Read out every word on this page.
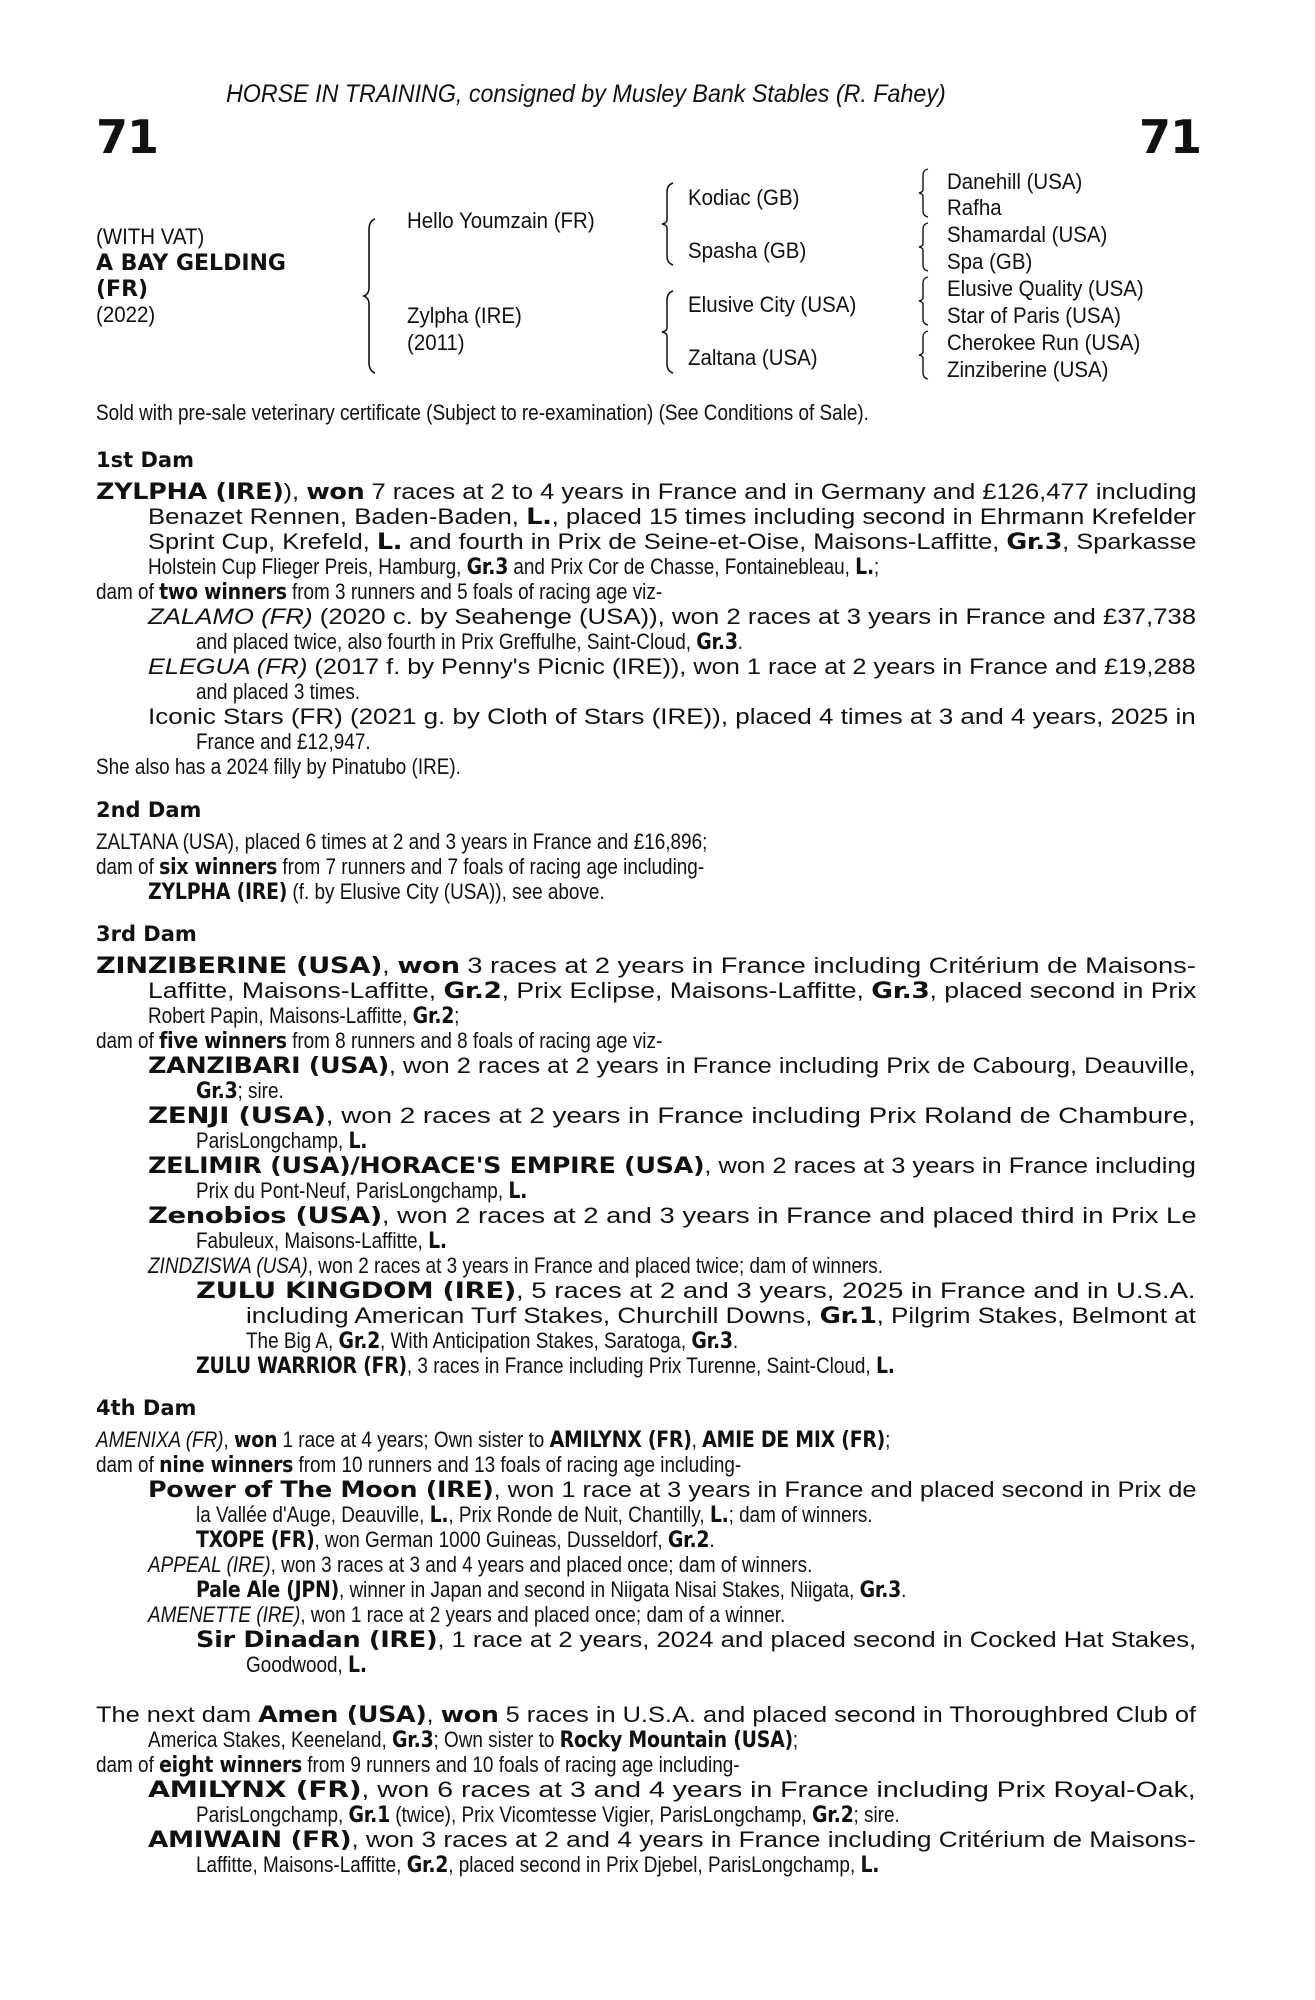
HORSE IN TRAINING, consigned by Musley Bank Stables (R. Fahey)
71	71
(WITH VAT)
A BAY GELDING
(FR)
(2022)
Hello Youmzain (FR)
Zylpha (IRE)
(2011)
Kodiac (GB)
Spasha (GB)
Elusive City (USA)
Zaltana (USA)
Danehill (USA)
Rafha
Shamardal (USA)
Spa (GB)
Elusive Quality (USA)
Star of Paris (USA)
Cherokee Run (USA)
Zinziberine (USA)
Sold with pre-sale veterinary certificate (Subject to re-examination) (See Conditions of Sale).
1st Dam
2nd Dam
3rd Dam
4th Dam
ZYLPHA (IRE)), won 7 races at 2 to 4 years in France and in Germany and £126,477 including
Benazet Rennen, Baden-Baden, L., placed 15 times including second in Ehrmann Krefelder
Sprint Cup, Krefeld, L. and fourth in Prix de Seine-et-Oise, Maisons-Laffitte, Gr.3, Sparkasse
Holstein Cup Flieger Preis, Hamburg, Gr.3 and Prix Cor de Chasse, Fontainebleau, L.;
dam of two winners from 3 runners and 5 foals of racing age viz-
ZALAMO (FR) (2020 c. by Seahenge (USA)), won 2 races at 3 years in France and £37,738
and placed twice, also fourth in Prix Greffulhe, Saint-Cloud, Gr.3.
ELEGUA (FR) (2017 f. by Penny's Picnic (IRE)), won 1 race at 2 years in France and £19,288
and placed 3 times.
Iconic Stars (FR) (2021 g. by Cloth of Stars (IRE)), placed 4 times at 3 and 4 years, 2025 in
France and £12,947.
She also has a 2024 filly by Pinatubo (IRE).
ZALTANA (USA), placed 6 times at 2 and 3 years in France and £16,896;
dam of six winners from 7 runners and 7 foals of racing age including-
ZYLPHA (IRE) (f. by Elusive City (USA)), see above.
ZINZIBERINE (USA), won 3 races at 2 years in France including Critérium de Maisons-
Laffitte, Maisons-Laffitte, Gr.2, Prix Eclipse, Maisons-Laffitte, Gr.3, placed second in Prix
Robert Papin, Maisons-Laffitte, Gr.2;
dam of five winners from 8 runners and 8 foals of racing age viz-
ZANZIBARI (USA), won 2 races at 2 years in France including Prix de Cabourg, Deauville,
Gr.3; sire.
ZENJI (USA), won 2 races at 2 years in France including Prix Roland de Chambure,
ParisLongchamp, L.
ZELIMIR (USA)/HORACE'S EMPIRE (USA), won 2 races at 3 years in France including
Prix du Pont-Neuf, ParisLongchamp, L.
Zenobios (USA), won 2 races at 2 and 3 years in France and placed third in Prix Le
Fabuleux, Maisons-Laffitte, L.
ZINDZISWA (USA), won 2 races at 3 years in France and placed twice; dam of winners.
ZULU KINGDOM (IRE), 5 races at 2 and 3 years, 2025 in France and in U.S.A.
including American Turf Stakes, Churchill Downs, Gr.1, Pilgrim Stakes, Belmont at
The Big A, Gr.2, With Anticipation Stakes, Saratoga, Gr.3.
ZULU WARRIOR (FR), 3 races in France including Prix Turenne, Saint-Cloud, L.
AMENIXA (FR), won 1 race at 4 years; Own sister to AMILYNX (FR), AMIE DE MIX (FR);
dam of nine winners from 10 runners and 13 foals of racing age including-
Power of The Moon (IRE), won 1 race at 3 years in France and placed second in Prix de
la Vallée d'Auge, Deauville, L., Prix Ronde de Nuit, Chantilly, L.; dam of winners.
TXOPE (FR), won German 1000 Guineas, Dusseldorf, Gr.2.
APPEAL (IRE), won 3 races at 3 and 4 years and placed once; dam of winners.
Pale Ale (JPN), winner in Japan and second in Niigata Nisai Stakes, Niigata, Gr.3.
AMENETTE (IRE), won 1 race at 2 years and placed once; dam of a winner.
Sir Dinadan (IRE), 1 race at 2 years, 2024 and placed second in Cocked Hat Stakes,
Goodwood, L.
The next dam Amen (USA), won 5 races in U.S.A. and placed second in Thoroughbred Club of
America Stakes, Keeneland, Gr.3; Own sister to Rocky Mountain (USA);
dam of eight winners from 9 runners and 10 foals of racing age including-
AMILYNX (FR), won 6 races at 3 and 4 years in France including Prix Royal-Oak,
ParisLongchamp, Gr.1 (twice), Prix Vicomtesse Vigier, ParisLongchamp, Gr.2; sire.
AMIWAIN (FR), won 3 races at 2 and 4 years in France including Critérium de Maisons-
Laffitte, Maisons-Laffitte, Gr.2, placed second in Prix Djebel, ParisLongchamp, L.
